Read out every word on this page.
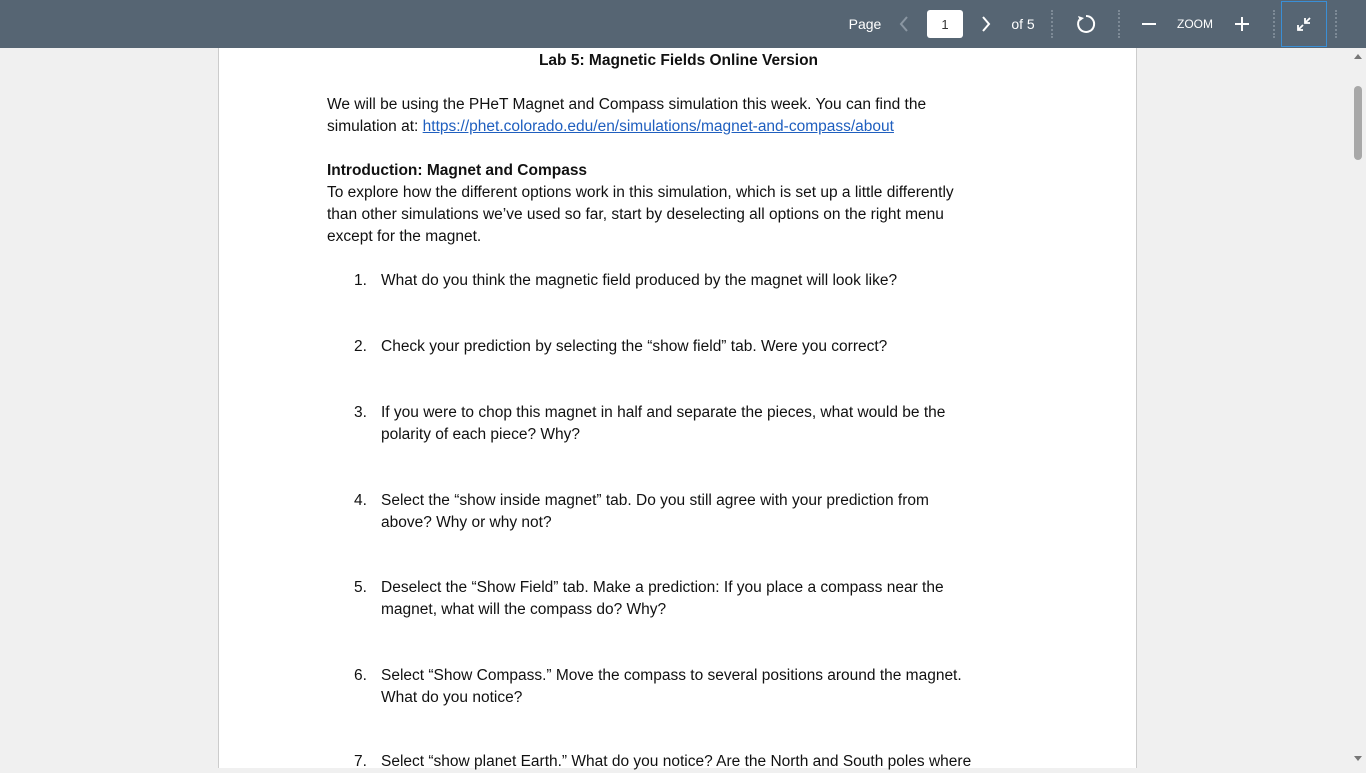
Page
1	of 5	ZOOM
Lab 5: Magnetic Fields Online Version
We will be using the PHeT Magnet and Compass simulation this week. You can find the
simulation at: https://phet.colorado.edu/en/simulations/magnet-and-compass/about
Introduction: Magnet and Compass
To explore how the different options work in this simulation, which is set up a little differently
than other simulations we’ve used so far, start by deselecting all options on the right menu
except for the magnet.
1. What do you think the magnetic field produced by the magnet will look like?
2. Check your prediction by selecting the “show field” tab. Were you correct?
3. If you were to chop this magnet in half and separate the pieces, what would be the
polarity of each piece? Why?
4. Select the “show inside magnet” tab. Do you still agree with your prediction from
above? Why or why not?
5. Deselect the “Show Field” tab. Make a prediction: If you place a compass near the
magnet, what will the compass do? Why?
6. Select “Show Compass.” Move the compass to several positions around the magnet.
What do you notice?
7. Select “show planet Earth.” What do you notice? Are the North and South poles where
